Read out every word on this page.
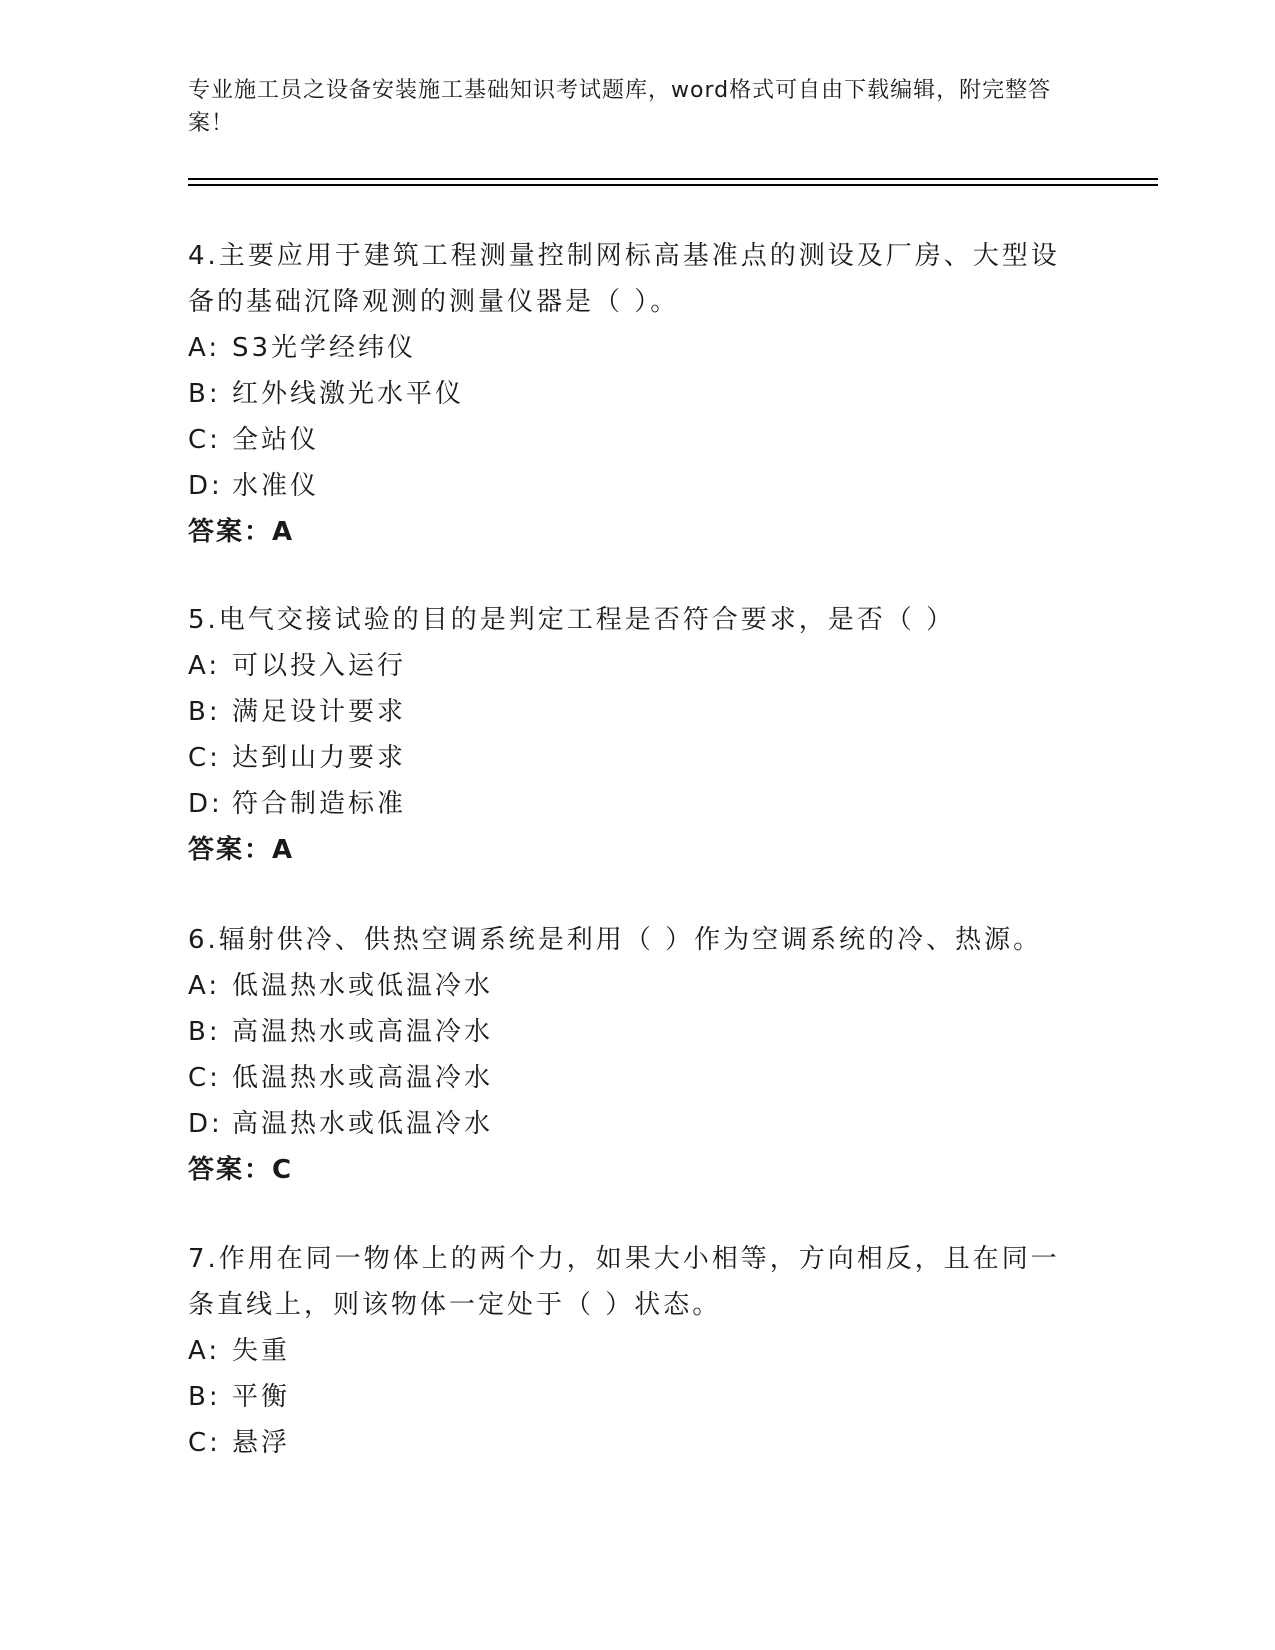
专业施工员之设备安装施工基础知识考试题库，word格式可自由下载编辑，附完整答案！

4.主要应用于建筑工程测量控制网标高基准点的测设及厂房、大型设备的基础沉降观测的测量仪器是（ ）。

A: S3光学经纬仪
B: 红外线激光水平仪
C: 全站仪
D: 水准仪
答案：A

5.电气交接试验的目的是判定工程是否符合要求，是否（ ）

A: 可以投入运行
B: 满足设计要求
C: 达到山力要求
D: 符合制造标准
答案：A

6.辐射供冷、供热空调系统是利用（ ）作为空调系统的冷、热源。

A: 低温热水或低温冷水
B: 高温热水或高温冷水
C: 低温热水或高温冷水
D: 高温热水或低温冷水
答案：C

7.作用在同一物体上的两个力，如果大小相等，方向相反，且在同一条直线上，则该物体一定处于（ ）状态。

A: 失重
B: 平衡
C: 悬浮
